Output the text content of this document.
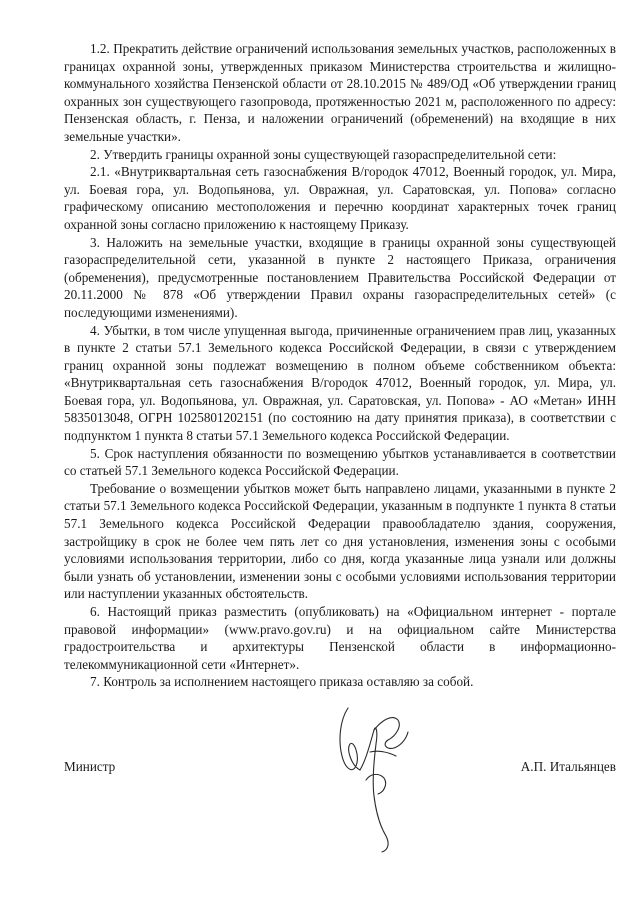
1.2. Прекратить действие ограничений использования земельных участков, расположенных в границах охранной зоны, утвержденных приказом Министерства строительства и жилищно-коммунального хозяйства Пензенской области от 28.10.2015 № 489/ОД «Об утверждении границ охранных зон существующего газопровода, протяженностью 2021 м, расположенного по адресу: Пензенская область, г. Пенза, и наложении ограничений (обременений) на входящие в них земельные участки».

2. Утвердить границы охранной зоны существующей газораспределительной сети:

2.1. «Внутриквартальная сеть газоснабжения В/городок 47012, Военный городок, ул. Мира, ул. Боевая гора, ул. Водопьянова, ул. Овражная, ул. Саратовская, ул. Попова» согласно графическому описанию местоположения и перечню координат характерных точек границ охранной зоны согласно приложению к настоящему Приказу.

3. Наложить на земельные участки, входящие в границы охранной зоны существующей газораспределительной сети, указанной в пункте 2 настоящего Приказа, ограничения (обременения), предусмотренные постановлением Правительства Российской Федерации от 20.11.2000 № 878 «Об утверждении Правил охраны газораспределительных сетей» (с последующими изменениями).

4. Убытки, в том числе упущенная выгода, причиненные ограничением прав лиц, указанных в пункте 2 статьи 57.1 Земельного кодекса Российской Федерации, в связи с утверждением границ охранной зоны подлежат возмещению в полном объеме собственником объекта: «Внутриквартальная сеть газоснабжения В/городок 47012, Военный городок, ул. Мира, ул. Боевая гора, ул. Водопьянова, ул. Овражная, ул. Саратовская, ул. Попова» - АО «Метан» ИНН 5835013048, ОГРН 1025801202151 (по состоянию на дату принятия приказа), в соответствии с подпунктом 1 пункта 8 статьи 57.1 Земельного кодекса Российской Федерации.

5. Срок наступления обязанности по возмещению убытков устанавливается в соответствии со статьей 57.1 Земельного кодекса Российской Федерации.

Требование о возмещении убытков может быть направлено лицами, указанными в пункте 2 статьи 57.1 Земельного кодекса Российской Федерации, указанным в подпункте 1 пункта 8 статьи 57.1 Земельного кодекса Российской Федерации правообладателю здания, сооружения, застройщику в срок не более чем пять лет со дня установления, изменения зоны с особыми условиями использования территории, либо со дня, когда указанные лица узнали или должны были узнать об установлении, изменении зоны с особыми условиями использования территории или наступлении указанных обстоятельств.

6. Настоящий приказ разместить (опубликовать) на «Официальном интернет - портале правовой информации» (www.pravo.gov.ru) и на официальном сайте Министерства градостроительства и архитектуры Пензенской области в информационно-телекоммуникационной сети «Интернет».

7. Контроль за исполнением настоящего приказа оставляю за собой.

Министр	А.П. Итальянцев
